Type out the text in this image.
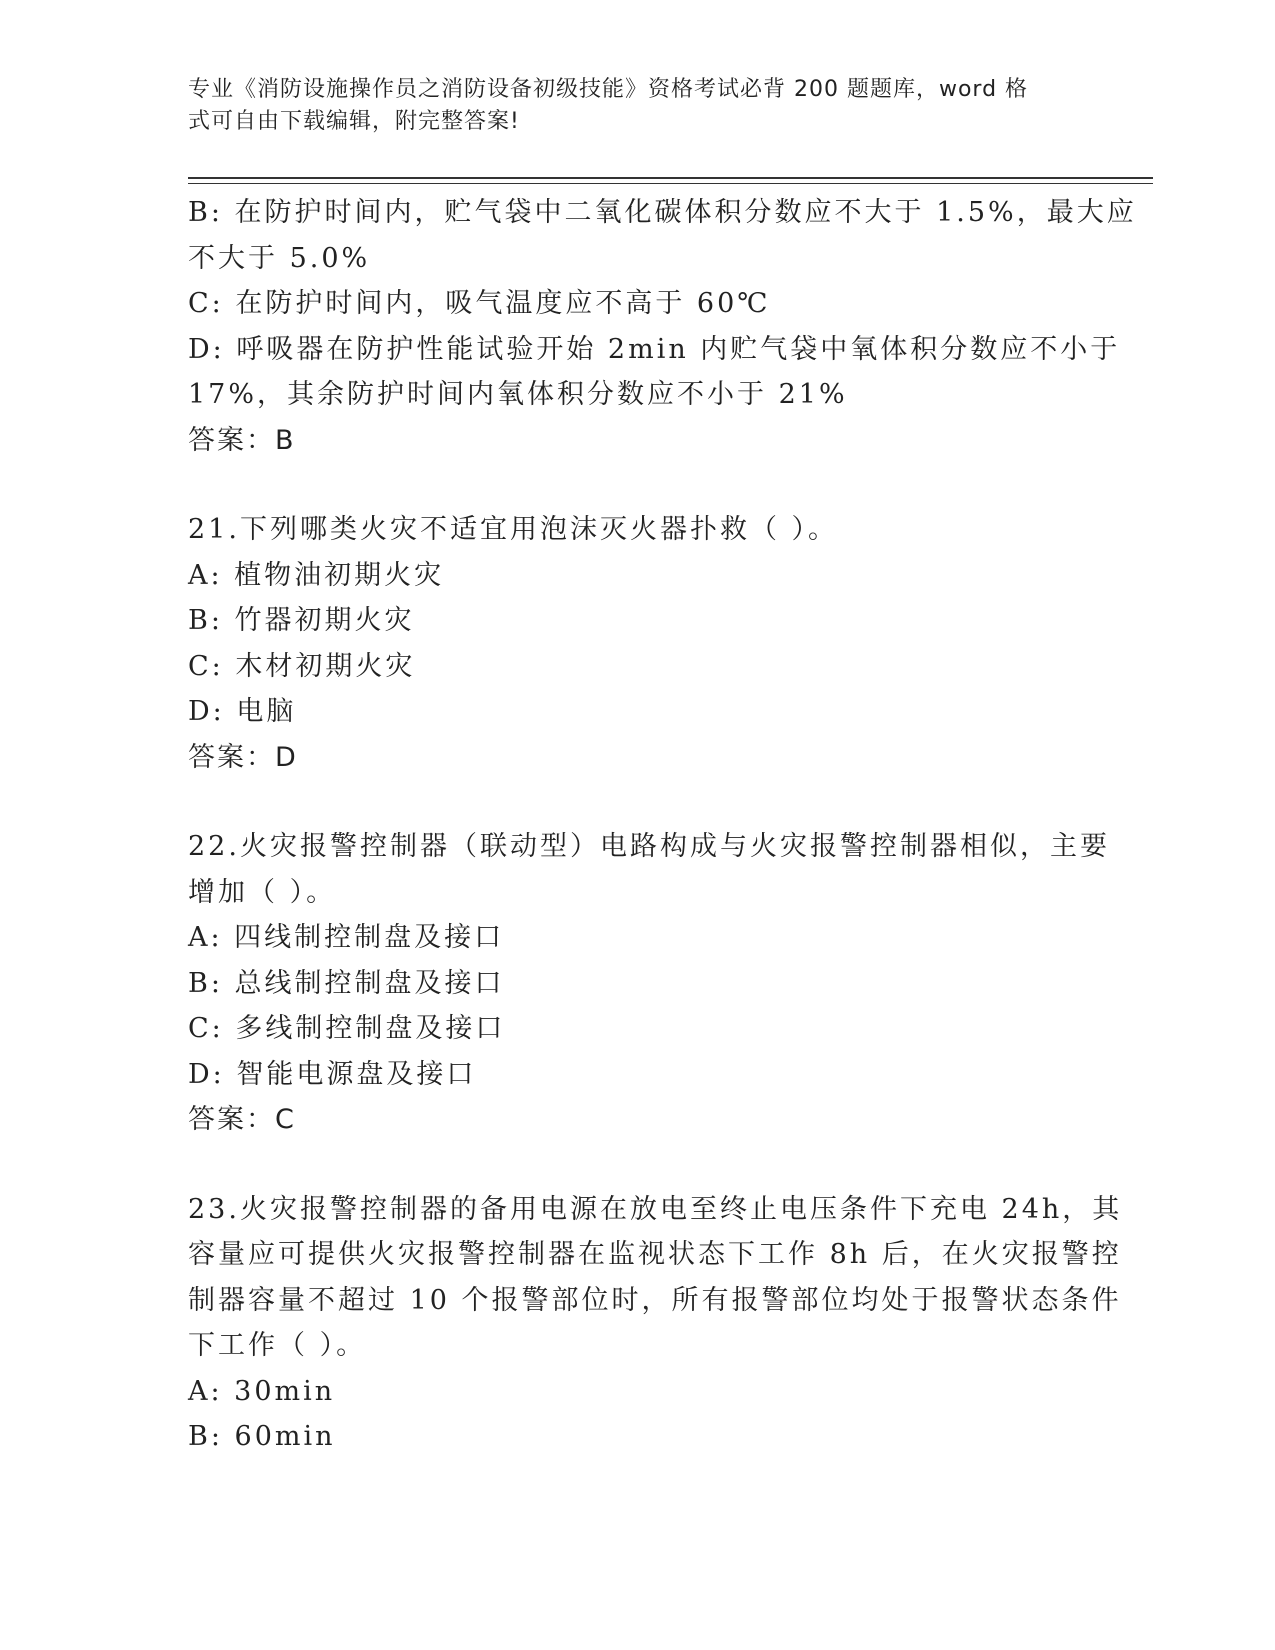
专业《消防设施操作员之消防设备初级技能》资格考试必背 200 题题库，word 格
式可自由下载编辑，附完整答案!
B: 在防护时间内，贮气袋中二氧化碳体积分数应不大于 1.5%，最大应
不大于 5.0%
C: 在防护时间内，吸气温度应不高于 60℃
D: 呼吸器在防护性能试验开始 2min 内贮气袋中氧体积分数应不小于
17%，其余防护时间内氧体积分数应不小于 21%
答案：B
21.下列哪类火灾不适宜用泡沫灭火器扑救（ ）。
A: 植物油初期火灾
B: 竹器初期火灾
C: 木材初期火灾
D: 电脑
答案：D
22.火灾报警控制器（联动型）电路构成与火灾报警控制器相似，主要
增加（ ）。
A: 四线制控制盘及接口
B: 总线制控制盘及接口
C: 多线制控制盘及接口
D: 智能电源盘及接口
答案：C
23.火灾报警控制器的备用电源在放电至终止电压条件下充电 24h，其
容量应可提供火灾报警控制器在监视状态下工作 8h 后，在火灾报警控
制器容量不超过 10 个报警部位时，所有报警部位均处于报警状态条件
下工作（ ）。
A: 30min
B: 60min
